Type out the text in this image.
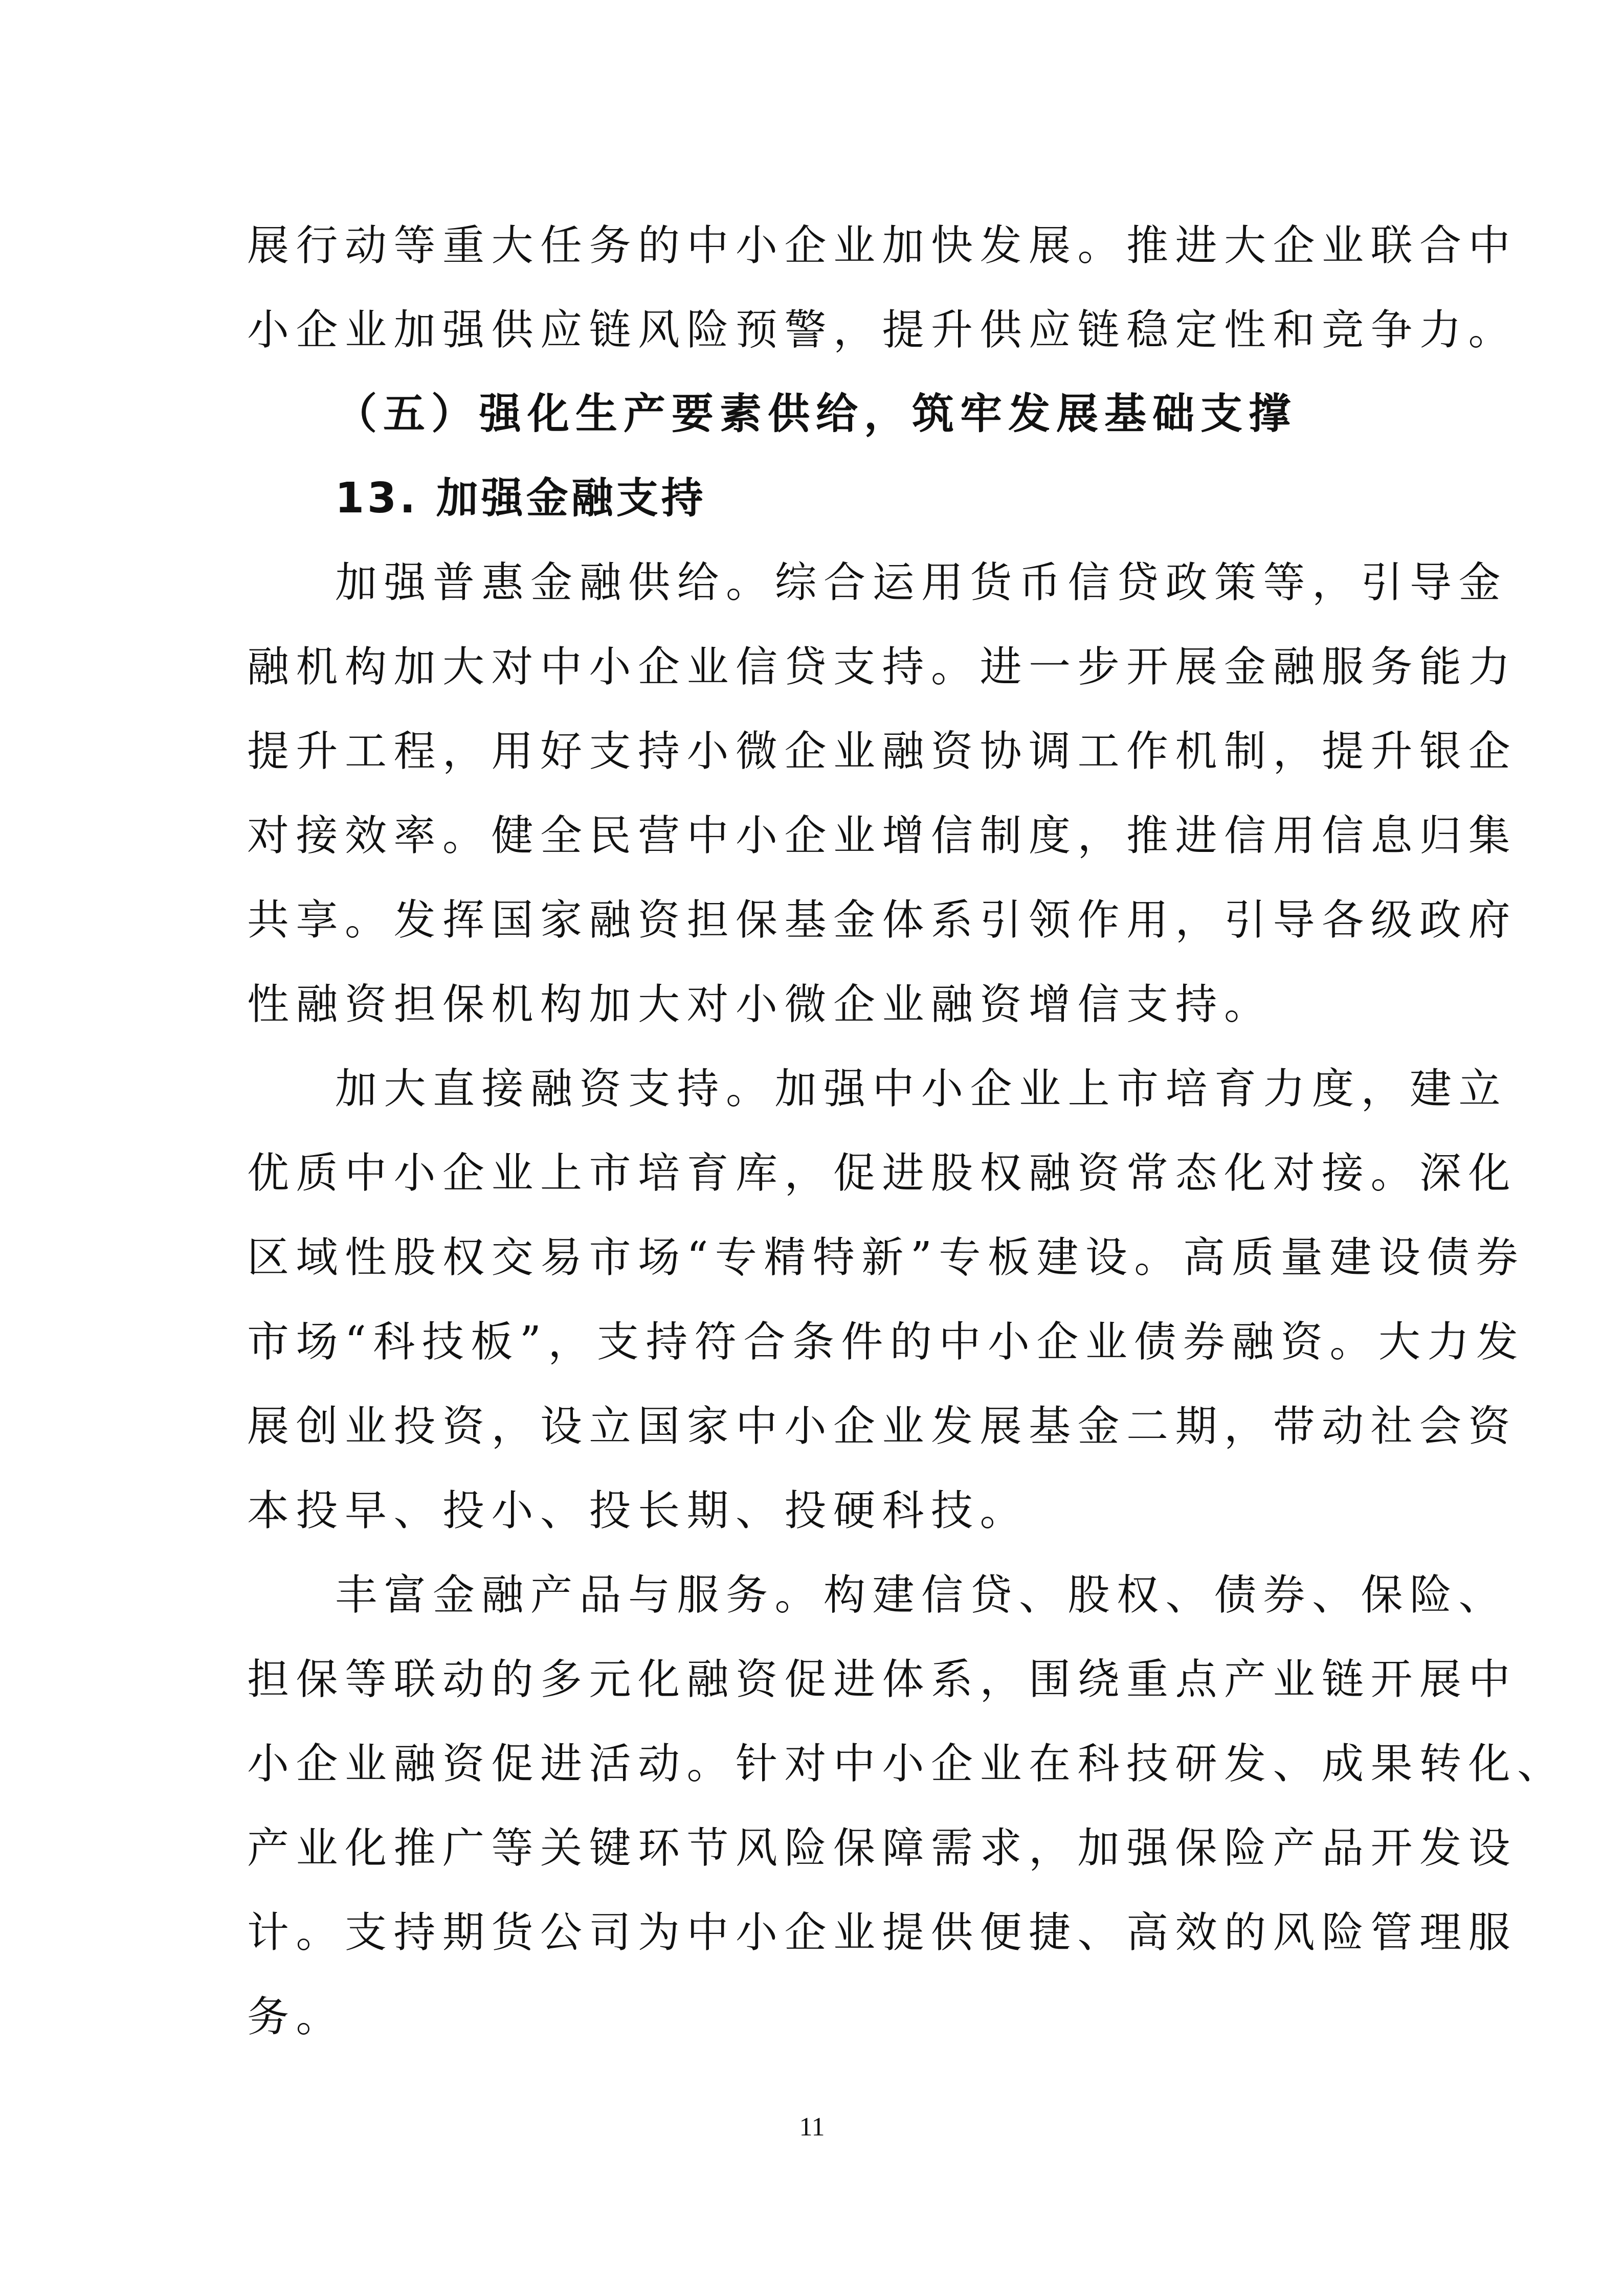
展行动等重大任务的中小企业加快发展。推进大企业联合中
小企业加强供应链风险预警，提升供应链稳定性和竞争力。
（五）强化生产要素供给，筑牢发展基础支撑
13. 加强金融支持
加强普惠金融供给。综合运用货币信贷政策等，引导金
融机构加大对中小企业信贷支持。进一步开展金融服务能力
提升工程，用好支持小微企业融资协调工作机制，提升银企
对接效率。健全民营中小企业增信制度，推进信用信息归集
共享。发挥国家融资担保基金体系引领作用，引导各级政府
性融资担保机构加大对小微企业融资增信支持。
加大直接融资支持。加强中小企业上市培育力度，建立
优质中小企业上市培育库，促进股权融资常态化对接。深化
区域性股权交易市场“专精特新”专板建设。高质量建设债券
市场“科技板”，支持符合条件的中小企业债券融资。大力发
展创业投资，设立国家中小企业发展基金二期，带动社会资
本投早、投小、投长期、投硬科技。
丰富金融产品与服务。构建信贷、股权、债券、保险、
担保等联动的多元化融资促进体系，围绕重点产业链开展中
小企业融资促进活动。针对中小企业在科技研发、成果转化、
产业化推广等关键环节风险保障需求，加强保险产品开发设
计。支持期货公司为中小企业提供便捷、高效的风险管理服
务。
11
